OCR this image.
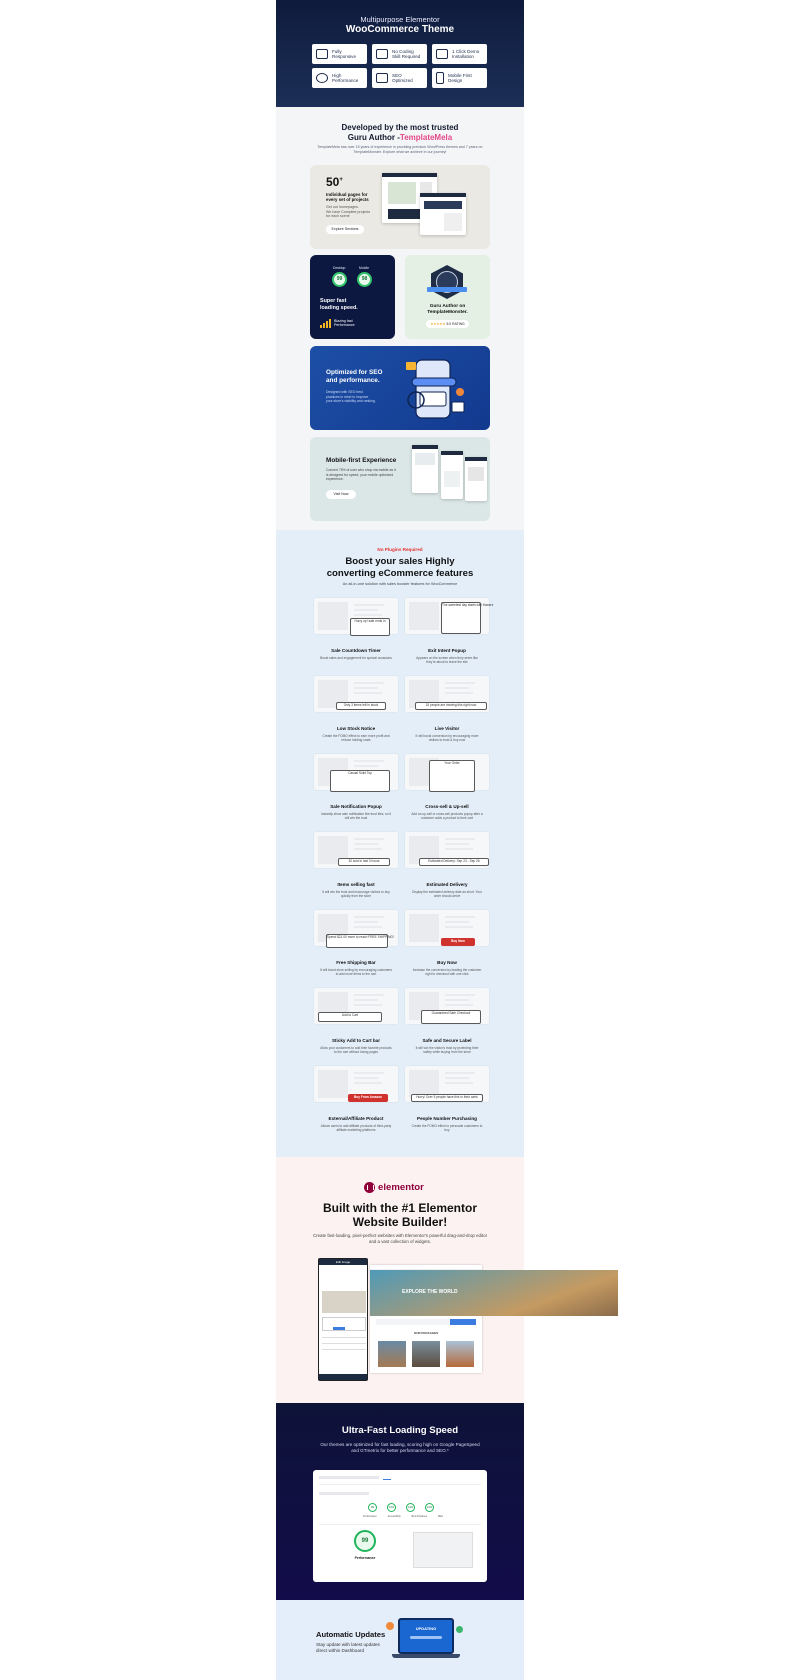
Multipurpose Elementor
WooCommerce Theme
Fully
Responsive
No Coding
Skill Required
1 Click Demo
Installation
High
Performance
SEO
Optimized
Mobile First
Design
Developed by the most trusted
Guru Author -TemplateMela

TemplateMela has over 15 years of experience in providing premium WordPress themes and 7 years on TemplateMonster. Explore what we achieve in our journey!

50+
Individual pages for
every set of projects
Get our homepages.
We have Complete projects
for each scene
Explore Sections
Desktop	Mobile
99	98
Super fast
loading speed.
Blazing fast
Performance
Guru Author on
TemplateMonster.
★★★★★ 5.0 RATING
Optimized for SEO
and performance.
Designed with SEO best
practices in mind to improve
your store's visibility and ranking.
Mobile-first Experience
Convert 75% of user who shop via mobile as it
is designed for speed, your mobile optimized
experience.
Visit Now
No Plugins Required
Boost your sales Highly
converting eCommerce features
An all-in-one solution with sales booster features for WooCommerce
Hurry up! sale ends in
Sale Countdown Timer
Boost sales and engagement for special occasions
The sweetest day starts with flowers
Exit Intent Popup
Appears on the screen when they seem like they're about to leave the site
Only 3 items left in stock
Low Stock Notice
Create the FOMO effect to earn more profit and reduce holding costs
15 people are viewing this right now
Live Visitor
It will boost conversion by encouraging more visitors to trust & buy now
Casual Solid Top
Sale Notification Popup
Instantly show sale notification like trust tiles, so it will win the trust
Your Order
Cross-sell & Up-sell
Add an up-sell or cross-sell products popup after a customer adds a product to their cart
30 sold in last 3 hours
Items selling fast
It will win the trust and encourage visitors to buy quickly from the store
Estimated Delivery: Sep 23 - Sep 26
Estimated Delivery
Display the estimated delivery date as short. Your order should arrive
Spend $21.00 more to reach FREE SHIPPING!
Free Shipping Bar
It will boost store selling by encouraging customers to add more items to the cart
Buy Now
Buy Now
Increase the conversion by leading the customer right to checkout with one click
Add to Cart
Sticky Add to Cart bar
Allow your customers to add their favorite products to the cart without losing pages
Guaranteed Safe Checkout
Safe and Secure Label
It will win the visitor's trust by protecting their safety while buying from the store
Buy From Amazon
External/Affiliate Product
Allows users to add affiliate products of third-party affiliate marketing platforms
Hurry! Over 5 people have this in their carts
People Number Purchasing
Create the FOMO effect to persuade customers to buy
elementor
Built with the #1 Elementor
Website Builder!

Create fast-loading, pixel-perfect websites with Elementor's powerful drag-and-drop editor and a vast collection of widgets.

Edit Image
EXPLORE THE WORLD
OUR PACKAGES
Ultra-Fast Loading Speed

Our themes are optimized for fast loading, scoring high on Google PageSpeed and GTmetrix for better performance and SEO.*

99	100	100	100
Performance	Accessibility	Best Practices	SEO
99
Performance
Automatic Updates
Stay update with latest updates
direct within Dashboard
UPDATING
